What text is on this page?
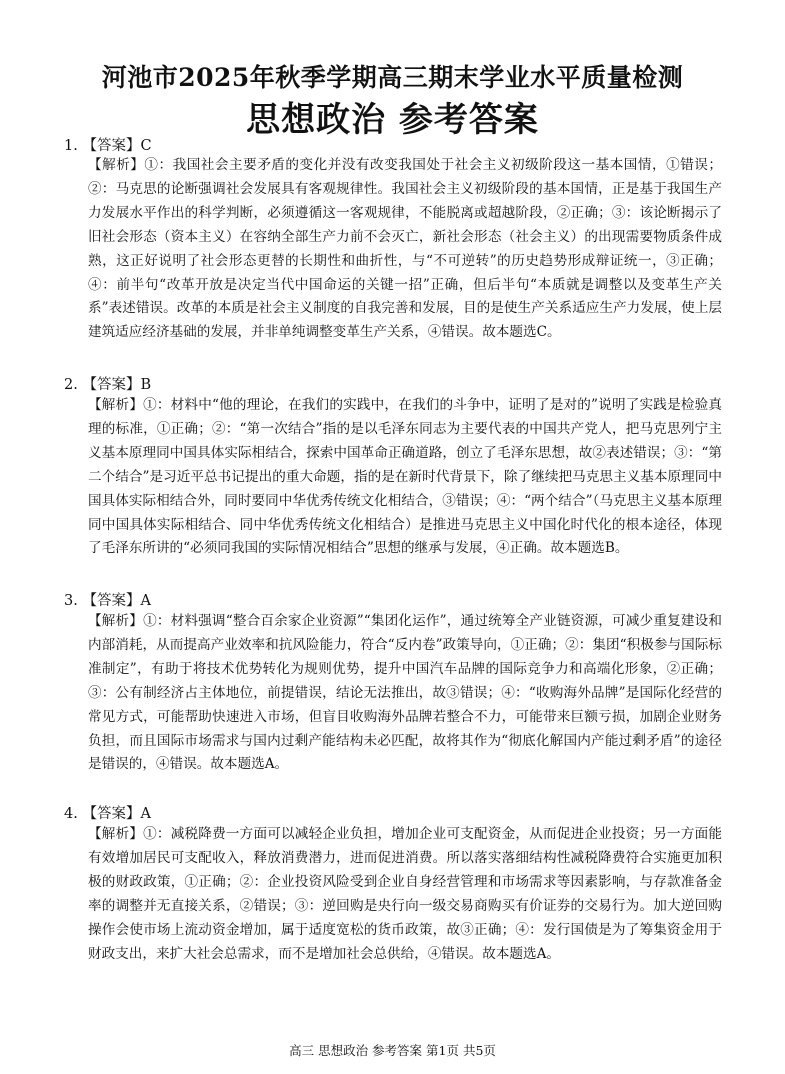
河池市2025年秋季学期高三期末学业水平质量检测
思想政治 参考答案
1. 【答案】C

【解析】①：我国社会主要矛盾的变化并没有改变我国处于社会主义初级阶段这一基本国情，①错误；②：马克思的论断强调社会发展具有客观规律性。我国社会主义初级阶段的基本国情，正是基于我国生产力发展水平作出的科学判断，必须遵循这一客观规律，不能脱离或超越阶段，②正确；③：该论断揭示了旧社会形态（资本主义）在容纳全部生产力前不会灭亡，新社会形态（社会主义）的出现需要物质条件成熟，这正好说明了社会形态更替的长期性和曲折性，与“不可逆转”的历史趋势形成辩证统一，③正确；④：前半句“改革开放是决定当代中国命运的关键一招”正确，但后半句“本质就是调整以及变革生产关系”表述错误。改革的本质是社会主义制度的自我完善和发展，目的是使生产关系适应生产力发展，使上层建筑适应经济基础的发展，并非单纯调整变革生产关系，④错误。故本题选C。

2. 【答案】B

【解析】①：材料中“他的理论，在我们的实践中，在我们的斗争中，证明了是对的”说明了实践是检验真理的标准，①正确；②：“第一次结合”指的是以毛泽东同志为主要代表的中国共产党人，把马克思列宁主义基本原理同中国具体实际相结合，探索中国革命正确道路，创立了毛泽东思想，故②表述错误；③：“第二个结合”是习近平总书记提出的重大命题，指的是在新时代背景下，除了继续把马克思主义基本原理同中国具体实际相结合外，同时要同中华优秀传统文化相结合，③错误；④：“两个结合”（马克思主义基本原理同中国具体实际相结合、同中华优秀传统文化相结合）是推进马克思主义中国化时代化的根本途径，体现了毛泽东所讲的“必须同我国的实际情况相结合”思想的继承与发展，④正确。故本题选B。

3. 【答案】A

【解析】①：材料强调“整合百余家企业资源”“集团化运作”，通过统筹全产业链资源，可减少重复建设和内部消耗，从而提高产业效率和抗风险能力，符合“反内卷”政策导向，①正确；②：集团“积极参与国际标准制定”，有助于将技术优势转化为规则优势，提升中国汽车品牌的国际竞争力和高端化形象，②正确；③：公有制经济占主体地位，前提错误，结论无法推出，故③错误；④：“收购海外品牌”是国际化经营的常见方式，可能帮助快速进入市场，但盲目收购海外品牌若整合不力，可能带来巨额亏损，加剧企业财务负担，而且国际市场需求与国内过剩产能结构未必匹配，故将其作为“彻底化解国内产能过剩矛盾”的途径是错误的，④错误。故本题选A。

4. 【答案】A

【解析】①：减税降费一方面可以减轻企业负担，增加企业可支配资金，从而促进企业投资；另一方面能有效增加居民可支配收入，释放消费潜力，进而促进消费。所以落实落细结构性减税降费符合实施更加积极的财政政策，①正确；②：企业投资风险受到企业自身经营管理和市场需求等因素影响，与存款准备金率的调整并无直接关系，②错误；③：逆回购是央行向一级交易商购买有价证券的交易行为。加大逆回购操作会使市场上流动资金增加，属于适度宽松的货币政策，故③正确；④：发行国债是为了筹集资金用于财政支出，来扩大社会总需求，而不是增加社会总供给，④错误。故本题选A。

高三 思想政治 参考答案 第1页 共5页
